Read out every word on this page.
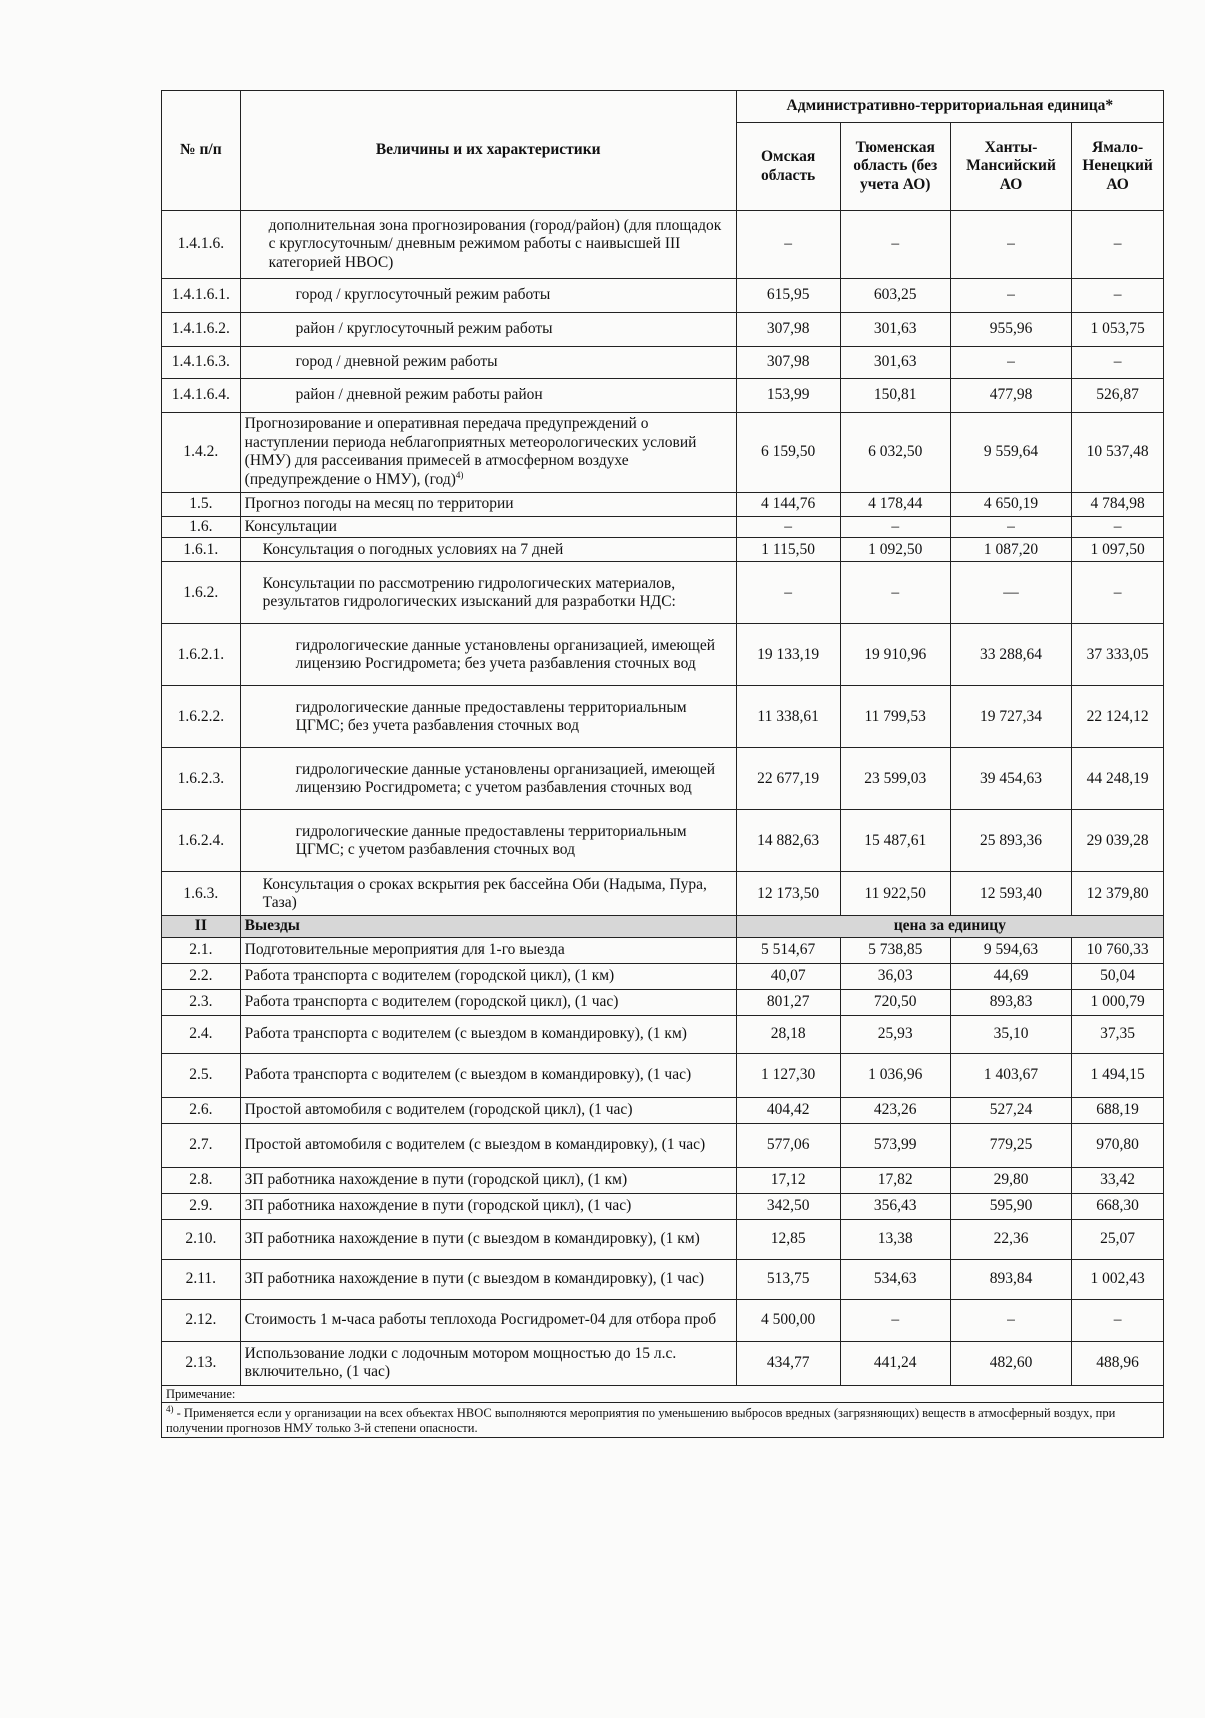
№ п/п	Величины и их характеристики	Административно-территориальная единица*			
		Омская область	Тюменская область (без учета АО)	Ханты-Мансийский АО	Ямало-Ненецкий АО
1.4.1.6.	дополнительная зона прогнозирования (город/район) (для площадок с круглосуточным/ дневным режимом работы с наивысшей III категорией НВОС)	–	–	–	–
1.4.1.6.1.	город / круглосуточный режим работы	615,95	603,25	–	–
1.4.1.6.2.	район / круглосуточный режим работы	307,98	301,63	955,96	1 053,75
1.4.1.6.3.	город / дневной режим работы	307,98	301,63	–	–
1.4.1.6.4.	район / дневной режим работы район	153,99	150,81	477,98	526,87
1.4.2.	Прогнозирование и оперативная передача предупреждений о наступлении периода неблагоприятных метеорологических условий (НМУ) для рассеивания примесей в атмосферном воздухе (предупреждение о НМУ), (год)$^{4)}$	6 159,50	6 032,50	9 559,64	10 537,48
1.5.	Прогноз погоды на месяц по территории	4 144,76	4 178,44	4 650,19	4 784,98
1.6.	Консультации	–	–	–	–
1.6.1.	Консультация о погодных условиях на 7 дней	1 115,50	1 092,50	1 087,20	1 097,50
1.6.2.	Консультации по рассмотрению гидрологических материалов, результатов гидрологических изысканий для разработки НДС:	–	–	—	–
1.6.2.1.	гидрологические данные установлены организацией, имеющей лицензию Росгидромета; без учета разбавления сточных вод	19 133,19	19 910,96	33 288,64	37 333,05
1.6.2.2.	гидрологические данные предоставлены территориальным ЦГМС; без учета разбавления сточных вод	11 338,61	11 799,53	19 727,34	22 124,12
1.6.2.3.	гидрологические данные установлены организацией, имеющей лицензию Росгидромета; с учетом разбавления сточных вод	22 677,19	23 599,03	39 454,63	44 248,19
1.6.2.4.	гидрологические данные предоставлены территориальным ЦГМС; с учетом разбавления сточных вод	14 882,63	15 487,61	25 893,36	29 039,28
1.6.3.	Консультация о сроках вскрытия рек бассейна Оби (Надыма, Пура, Таза)	12 173,50	11 922,50	12 593,40	12 379,80
II	Выезды	цена за единицу			
2.1.	Подготовительные мероприятия для 1-го выезда	5 514,67	5 738,85	9 594,63	10 760,33
2.2.	Работа транспорта с водителем (городской цикл), (1 км)	40,07	36,03	44,69	50,04
2.3.	Работа транспорта с водителем (городской цикл), (1 час)	801,27	720,50	893,83	1 000,79
2.4.	Работа транспорта с водителем (с выездом в командировку), (1 км)	28,18	25,93	35,10	37,35
2.5.	Работа транспорта с водителем (с выездом в командировку), (1 час)	1 127,30	1 036,96	1 403,67	1 494,15
2.6.	Простой автомобиля с водителем (городской цикл), (1 час)	404,42	423,26	527,24	688,19
2.7.	Простой автомобиля с водителем (с выездом в командировку), (1 час)	577,06	573,99	779,25	970,80
2.8.	ЗП работника нахождение в пути (городской цикл), (1 км)	17,12	17,82	29,80	33,42
2.9.	ЗП работника нахождение в пути (городской цикл), (1 час)	342,50	356,43	595,90	668,30
2.10.	ЗП работника нахождение в пути (с выездом в командировку), (1 км)	12,85	13,38	22,36	25,07
2.11.	ЗП работника нахождение в пути (с выездом в командировку), (1 час)	513,75	534,63	893,84	1 002,43
2.12.	Стоимость 1 м-часа работы теплохода Росгидромет-04 для отбора проб	4 500,00	–	–	–
2.13.	Использование лодки с лодочным мотором мощностью до 15 л.с. включительно, (1 час)	434,77	441,24	482,60	488,96
Примечание:					
$^{4)}$ - Применяется если у организации на всех объектах НВОС выполняются мероприятия по уменьшению выбросов вредных (загрязняющих) веществ в атмосферный воздух, при получении прогнозов НМУ только 3-й степени опасности.					
